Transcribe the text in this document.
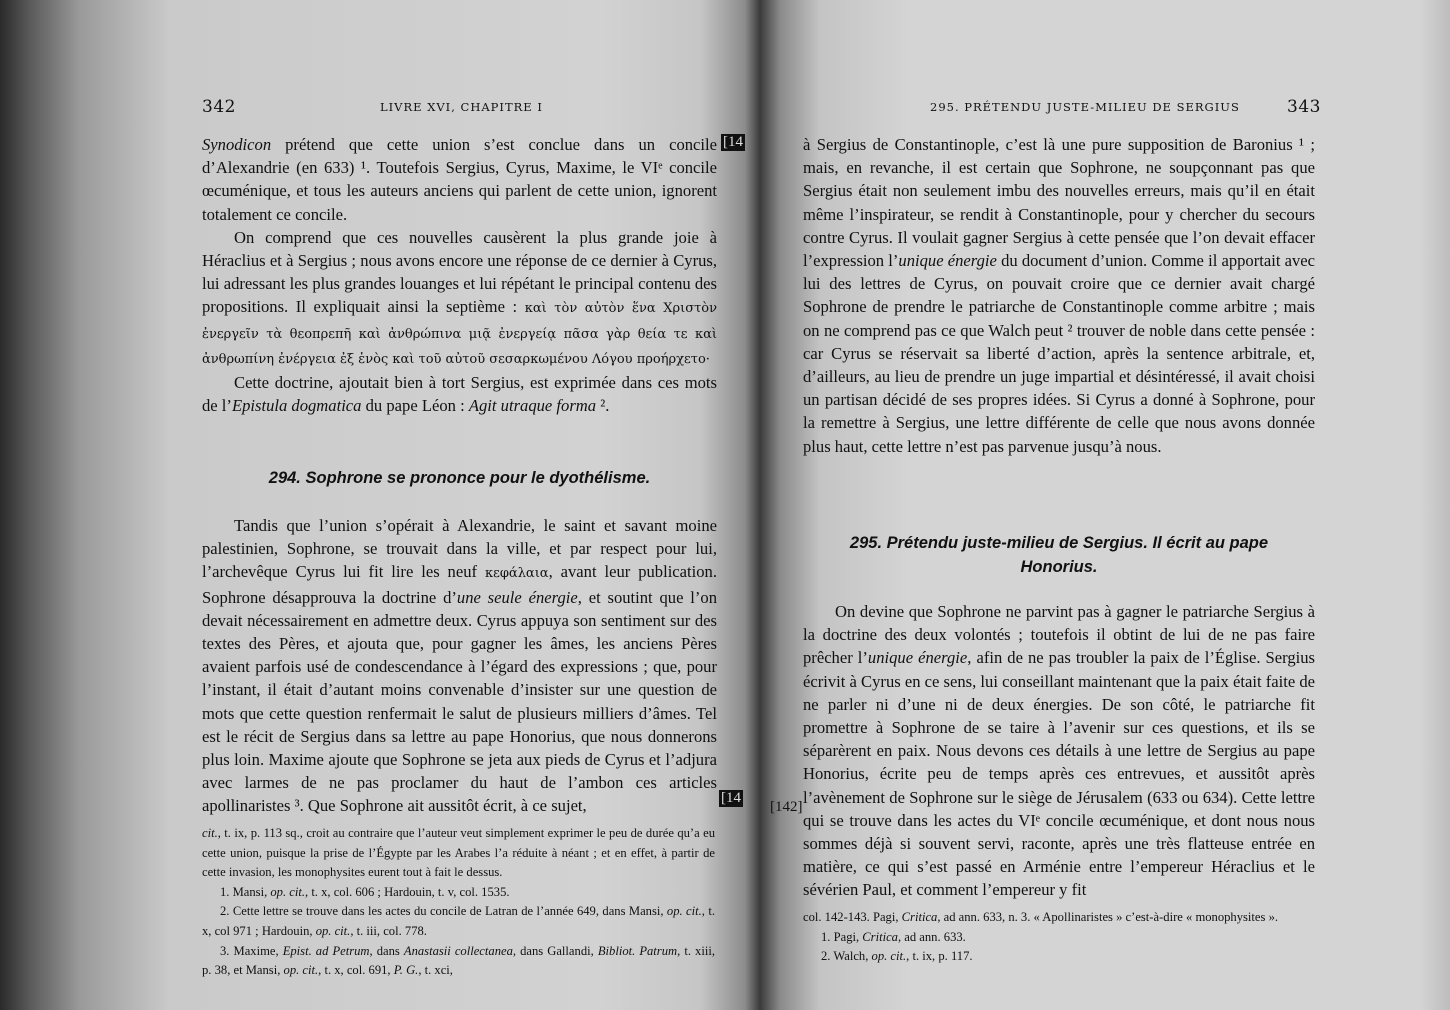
342	LIVRE XVI, CHAPITRE I

Synodicon prétend que cette union s’est conclue dans un concile d’Alexandrie (en 633) ¹. Toutefois Sergius, Cyrus, Maxime, le VIᵉ concile œcuménique, et tous les auteurs anciens qui parlent de cette union, ignorent totalement ce concile.

On comprend que ces nouvelles causèrent la plus grande joie à Héraclius et à Sergius ; nous avons encore une réponse de ce dernier à Cyrus, lui adressant les plus grandes louanges et lui répétant le principal contenu des propositions. Il expliquait ainsi la septième : καὶ τὸν αὐτὸν ἕνα Χριστὸν ἐνεργεῖν τὰ θεοπρεπῆ καὶ ἀνθρώπινα μιᾷ ἐνεργείᾳ πᾶσα γὰρ θεία τε καὶ ἀνθρωπίνη ἐνέργεια ἐξ ἑνὸς καὶ τοῦ αὐτοῦ σεσαρκωμένου Λόγου προήρχετο·

Cette doctrine, ajoutait bien à tort Sergius, est exprimée dans ces mots de l’Epistula dogmatica du pape Léon : Agit utraque forma ².

294. Sophrone se prononce pour le dyothélisme.

Tandis que l’union s’opérait à Alexandrie, le saint et savant moine palestinien, Sophrone, se trouvait dans la ville, et par respect pour lui, l’archevêque Cyrus lui fit lire les neuf κεφάλαια, avant leur publication. Sophrone désapprouva la doctrine d’une seule énergie, et soutint que l’on devait nécessairement en admettre deux. Cyrus appuya son sentiment sur des textes des Pères, et ajouta que, pour gagner les âmes, les anciens Pères avaient parfois usé de condescendance à l’égard des expressions ; que, pour l’instant, il était d’autant moins convenable d’insister sur une question de mots que cette question renfermait le salut de plusieurs milliers d’âmes. Tel est le récit de Sergius dans sa lettre au pape Honorius, que nous donnerons plus loin. Maxime ajoute que Sophrone se jeta aux pieds de Cyrus et l’adjura avec larmes de ne pas proclamer du haut de l’ambon ces articles apollinaristes ³. Que Sophrone ait aussitôt écrit, à ce sujet,

cit., t. ix, p. 113 sq., croit au contraire que l’auteur veut simplement exprimer le peu de durée qu’a eu cette union, puisque la prise de l’Égypte par les Arabes l’a réduite à néant ; et en effet, à partir de cette invasion, les monophysites eurent tout à fait le dessus.

1. Mansi, op. cit., t. x, col. 606 ; Hardouin, t. v, col. 1535.

2. Cette lettre se trouve dans les actes du concile de Latran de l’année 649, dans Mansi, op. cit., t. x, col 971 ; Hardouin, op. cit., t. iii, col. 778.

3. Maxime, Epist. ad Petrum, dans Anastasii collectanea, dans Gallandi, Bibliot. Patrum, t. xiii, p. 38, et Mansi, op. cit., t. x, col. 691, P. G., t. xci,

[14
[14
295. PRÉTENDU JUSTE-MILIEU DE SERGIUS	343

à Sergius de Constantinople, c’est là une pure supposition de Baronius ¹ ; mais, en revanche, il est certain que Sophrone, ne soupçonnant pas que Sergius était non seulement imbu des nouvelles erreurs, mais qu’il en était même l’inspirateur, se rendit à Constantinople, pour y chercher du secours contre Cyrus. Il voulait gagner Sergius à cette pensée que l’on devait effacer l’expression l’unique énergie du document d’union. Comme il apportait avec lui des lettres de Cyrus, on pouvait croire que ce dernier avait chargé Sophrone de prendre le patriarche de Constantinople comme arbitre ; mais on ne comprend pas ce que Walch peut ² trouver de noble dans cette pensée : car Cyrus se réservait sa liberté d’action, après la sentence arbitrale, et, d’ailleurs, au lieu de prendre un juge impartial et désintéressé, il avait choisi un partisan décidé de ses propres idées. Si Cyrus a donné à Sophrone, pour la remettre à Sergius, une lettre différente de celle que nous avons donnée plus haut, cette lettre n’est pas parvenue jusqu’à nous.

295. Prétendu juste-milieu de Sergius. Il écrit au pape
Honorius.

On devine que Sophrone ne parvint pas à gagner le patriarche Sergius à la doctrine des deux volontés ; toutefois il obtint de lui de ne pas faire prêcher l’unique énergie, afin de ne pas troubler la paix de l’Église. Sergius écrivit à Cyrus en ce sens, lui conseillant maintenant que la paix était faite de ne parler ni d’une ni de deux énergies. De son côté, le patriarche fit promettre à Sophrone de se taire à l’avenir sur ces questions, et ils se séparèrent en paix. Nous devons ces détails à une lettre de Sergius au pape Honorius, écrite peu de temps après ces entrevues, et aussitôt après l’avènement de Sophrone sur le siège de Jérusalem (633 ou 634). Cette lettre qui se trouve dans les actes du VIᵉ concile œcuménique, et dont nous nous sommes déjà si souvent servi, raconte, après une très flatteuse entrée en matière, ce qui s’est passé en Arménie entre l’empereur Héraclius et le sévérien Paul, et comment l’empereur y fit

[142]

col. 142-143. Pagi, Critica, ad ann. 633, n. 3. « Apollinaristes » c’est-à-dire « monophysites ».

1. Pagi, Critica, ad ann. 633.

2. Walch, op. cit., t. ix, p. 117.
